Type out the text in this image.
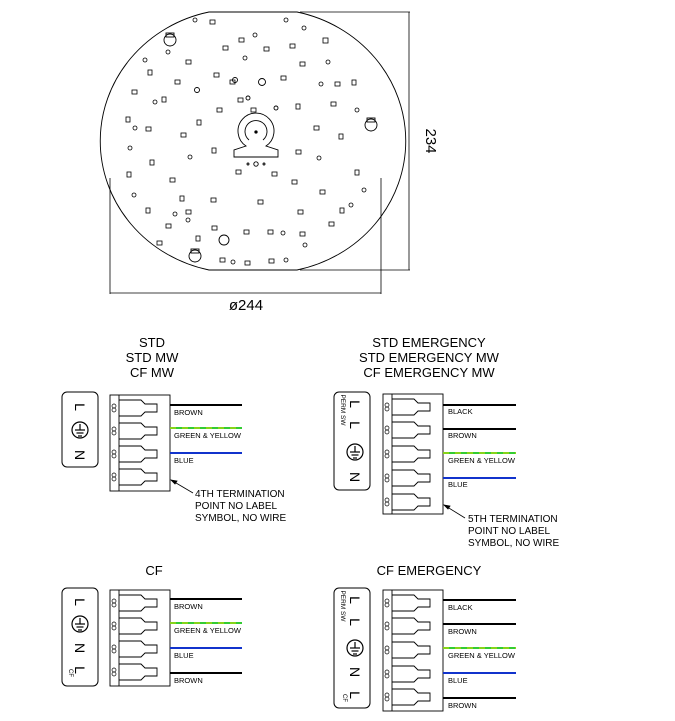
234
ø244
STD
STD MW
CF MW
L
N
BROWN
GREEN & YELLOW
BLUE
4TH TERMINATION
POINT NO LABEL
SYMBOL, NO WIRE
STD EMERGENCY
STD EMERGENCY MW
CF EMERGENCY MW
PERM SW L
L
N
BLACK
BROWN
GREEN & YELLOW
BLUE
5TH TERMINATION
POINT NO LABEL
SYMBOL, NO WIRE
CF
L
N
L
CF
BROWN
GREEN & YELLOW
BLUE
BROWN
CF EMERGENCY
PERM SW L
L
N
L
CF
BLACK
BROWN
GREEN & YELLOW
BLUE
BROWN
